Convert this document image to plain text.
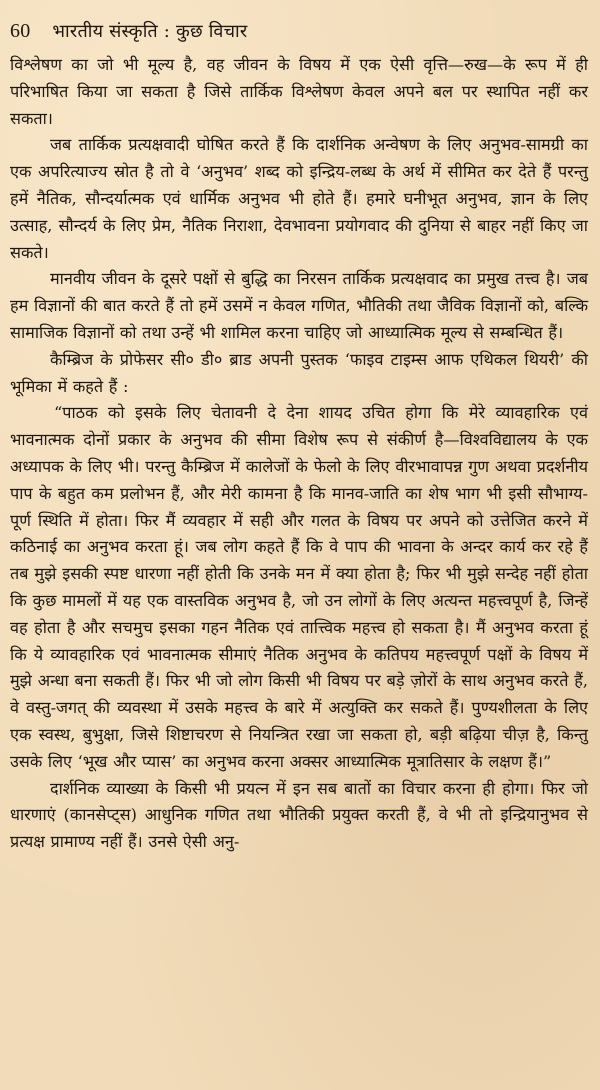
60 भारतीय संस्कृति : कुछ विचार

विश्लेषण का जो भी मूल्य है, वह जीवन के विषय में एक ऐसी वृत्ति—रुख—के रूप में ही परिभाषित किया जा सकता है जिसे तार्किक विश्लेषण केवल अपने बल पर स्थापित नहीं कर सकता।

जब तार्किक प्रत्यक्षवादी घोषित करते हैं कि दार्शनिक अन्वेषण के लिए अनुभव-सामग्री का एक अपरित्याज्य स्रोत है तो वे ‘अनुभव’ शब्द को इन्द्रिय-लब्ध के अर्थ में सीमित कर देते हैं परन्तु हमें नैतिक, सौन्दर्यात्मक एवं धार्मिक अनुभव भी होते हैं। हमारे घनीभूत अनुभव, ज्ञान के लिए उत्साह, सौन्दर्य के लिए प्रेम, नैतिक निराशा, देवभावना प्रयोगवाद की दुनिया से बाहर नहीं किए जा सकते।

मानवीय जीवन के दूसरे पक्षों से बुद्धि का निरसन तार्किक प्रत्यक्षवाद का प्रमुख तत्त्व है। जब हम विज्ञानों की बात करते हैं तो हमें उसमें न केवल गणित, भौतिकी तथा जैविक विज्ञानों को, बल्कि सामाजिक विज्ञानों को तथा उन्हें भी शामिल करना चाहिए जो आध्यात्मिक मूल्य से सम्बन्धित हैं।

कैम्ब्रिज के प्रोफेसर सी० डी० ब्राड अपनी पुस्तक ‘फाइव टाइम्स आफ एथिकल थियरी’ की भूमिका में कहते हैं :

“पाठक को इसके लिए चेतावनी दे देना शायद उचित होगा कि मेरे व्यावहारिक एवं भावनात्मक दोनों प्रकार के अनुभव की सीमा विशेष रूप से संकीर्ण है—विश्वविद्यालय के एक अध्यापक के लिए भी। परन्तु कैम्ब्रिज में कालेजों के फेलो के लिए वीरभावापन्न गुण अथवा प्रदर्शनीय पाप के बहुत कम प्रलोभन हैं, और मेरी कामना है कि मानव-जाति का शेष भाग भी इसी सौभाग्य-पूर्ण स्थिति में होता। फिर मैं व्यवहार में सही और गलत के विषय पर अपने को उत्तेजित करने में कठिनाई का अनुभव करता हूं। जब लोग कहते हैं कि वे पाप की भावना के अन्दर कार्य कर रहे हैं तब मुझे इसकी स्पष्ट धारणा नहीं होती कि उनके मन में क्या होता है; फिर भी मुझे सन्देह नहीं होता कि कुछ मामलों में यह एक वास्तविक अनुभव है, जो उन लोगों के लिए अत्यन्त महत्त्वपूर्ण है, जिन्हें वह होता है और सचमुच इसका गहन नैतिक एवं तात्त्विक महत्त्व हो सकता है। मैं अनुभव करता हूं कि ये व्यावहारिक एवं भावनात्मक सीमाएं नैतिक अनुभव के कतिपय महत्त्वपूर्ण पक्षों के विषय में मुझे अन्धा बना सकती हैं। फिर भी जो लोग किसी भी विषय पर बड़े ज़ोरों के साथ अनुभव करते हैं, वे वस्तु-जगत् की व्यवस्था में उसके महत्त्व के बारे में अत्युक्ति कर सकते हैं। पुण्यशीलता के लिए एक स्वस्थ, बुभुक्षा, जिसे शिष्टाचरण से नियन्त्रित रखा जा सकता हो, बड़ी बढ़िया चीज़ है, किन्तु उसके लिए ‘भूख और प्यास’ का अनुभव करना अक्सर आध्यात्मिक मूत्रातिसार के लक्षण हैं।”

दार्शनिक व्याख्या के किसी भी प्रयत्न में इन सब बातों का विचार करना ही होगा। फिर जो धारणाएं (कानसेप्ट्स) आधुनिक गणित तथा भौतिकी प्रयुक्त करती हैं, वे भी तो इन्द्रियानुभव से प्रत्यक्ष प्रामाण्य नहीं हैं। उनसे ऐसी अनु-
